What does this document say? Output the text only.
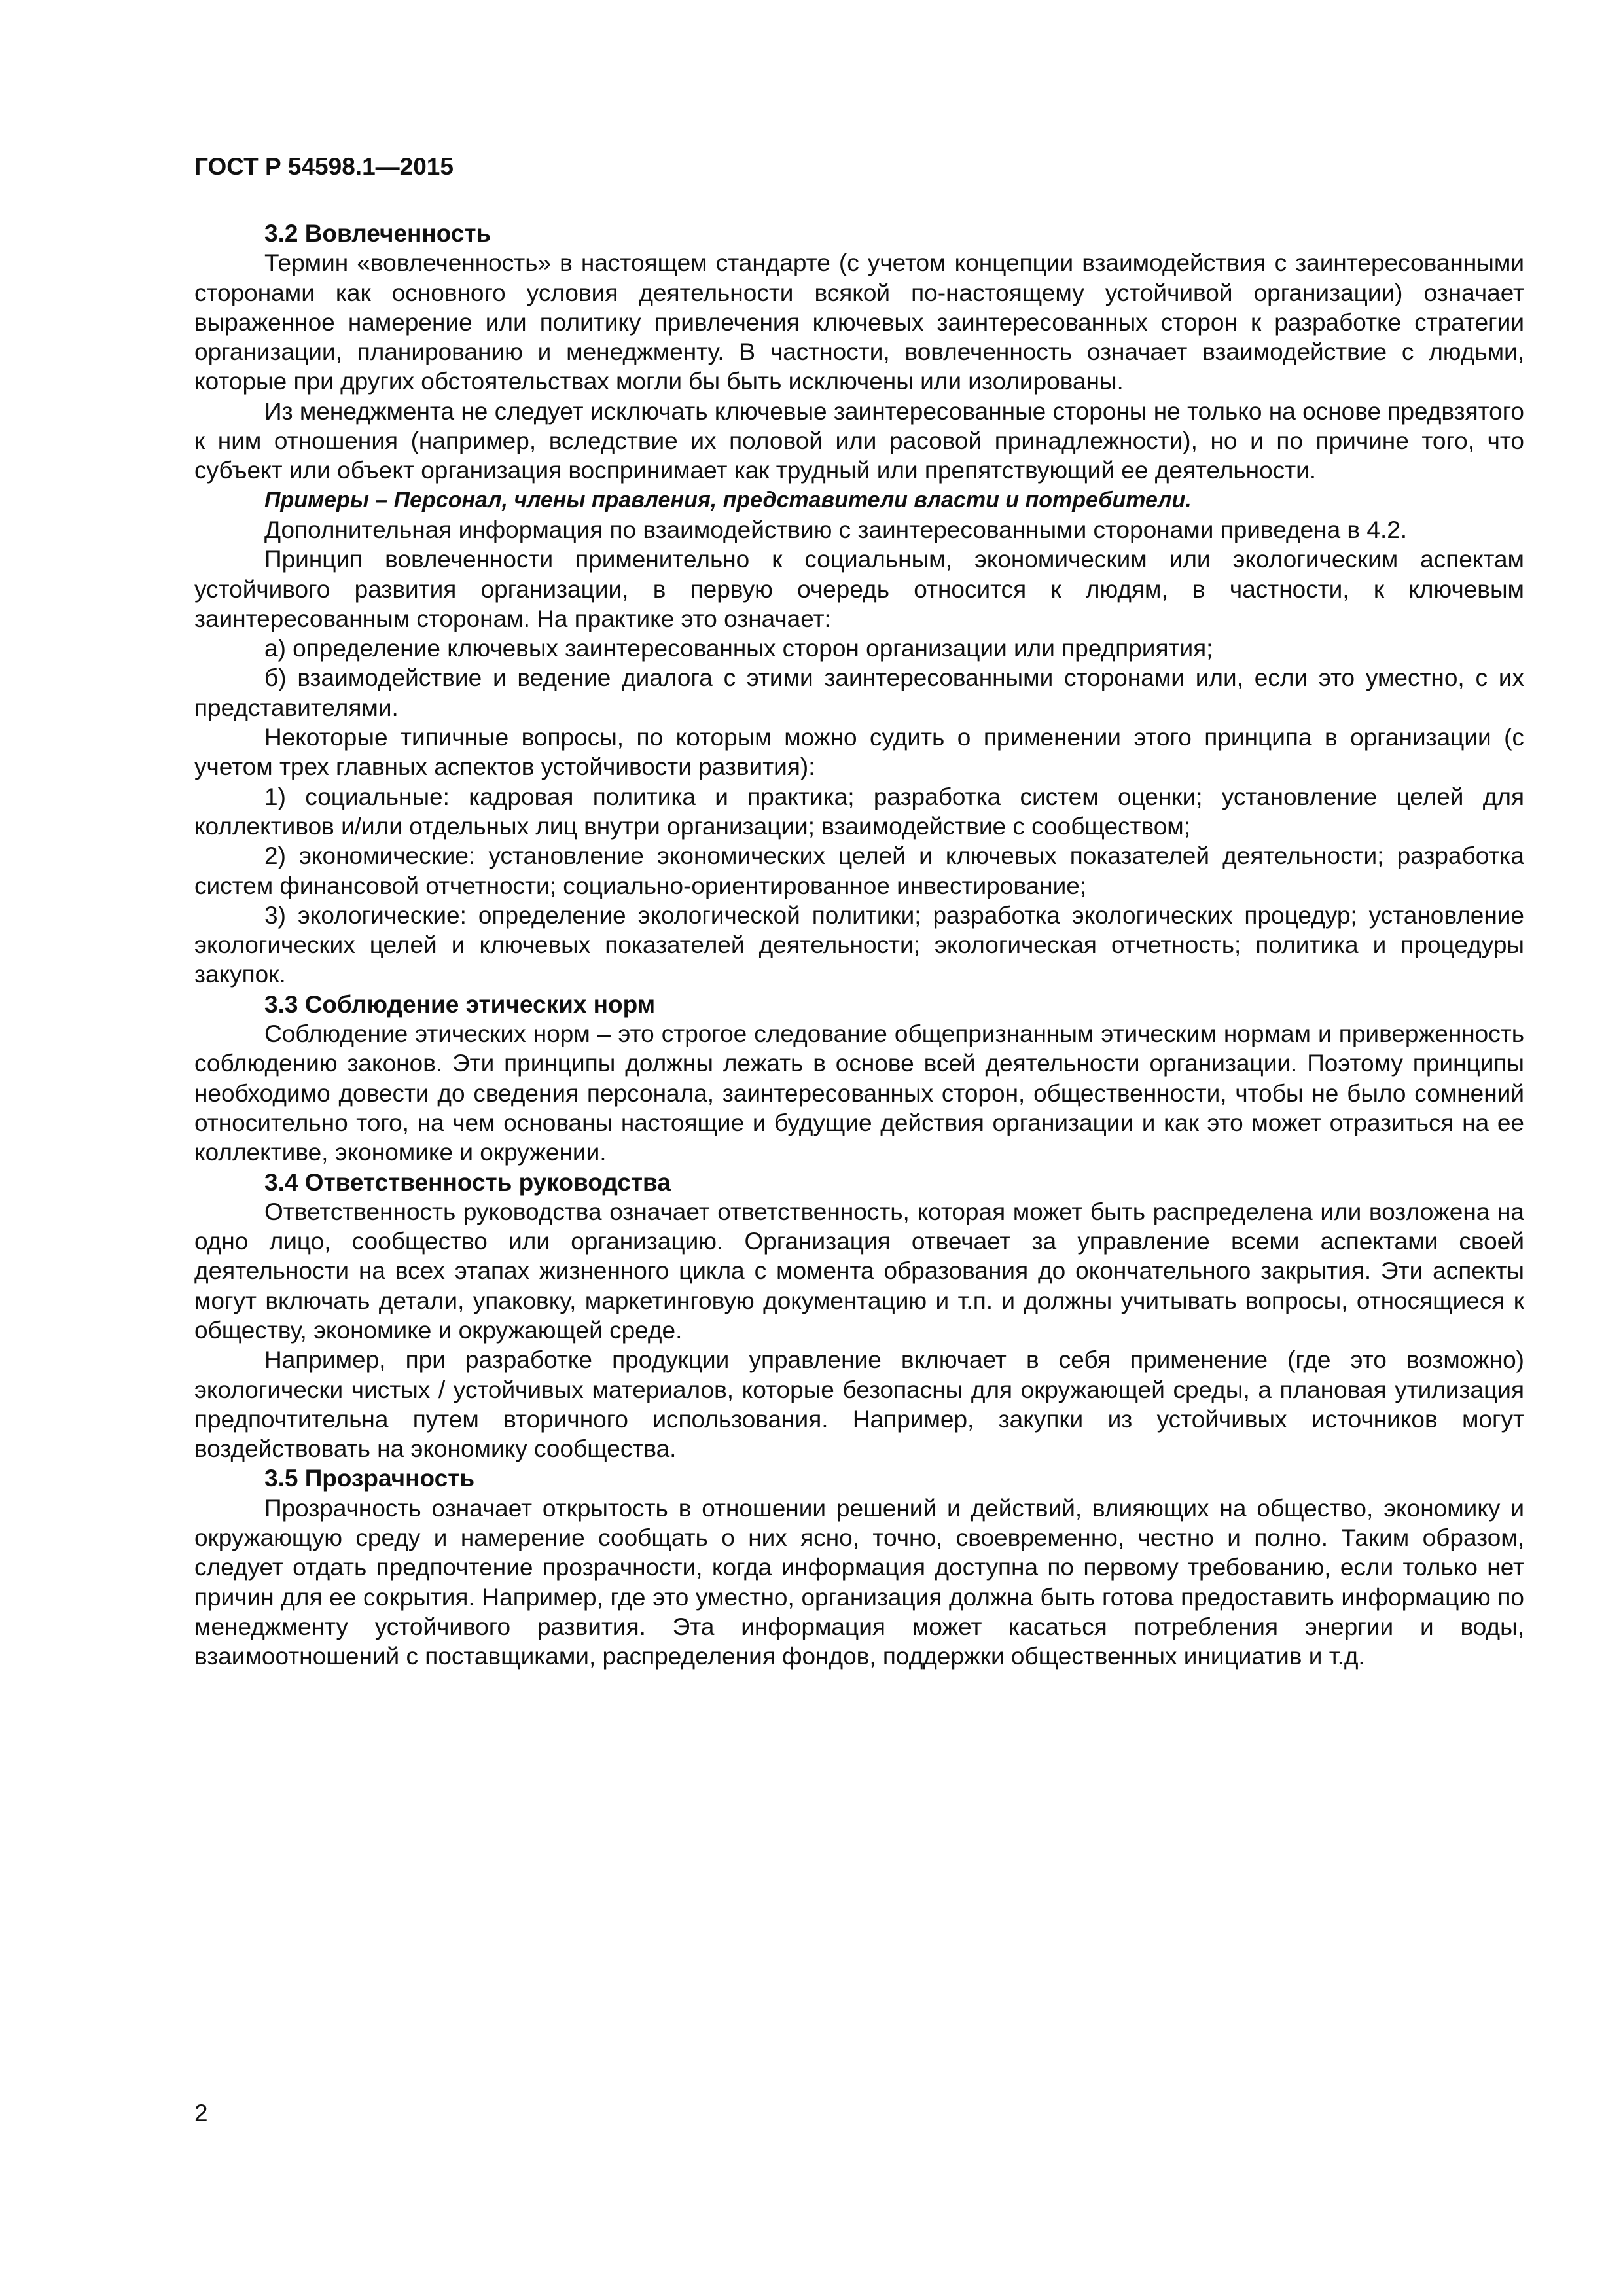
ГОСТ Р 54598.1—2015

3.2 Вовлеченность

Термин «вовлеченность» в настоящем стандарте (с учетом концепции взаимодействия с заинтересованными сторонами как основного условия деятельности всякой по-настоящему устойчивой организации) означает выраженное намерение или политику привлечения ключевых заинтересованных сторон к разработке стратегии организации, планированию и менеджменту. В частности, вовлеченность означает взаимодействие с людьми, которые при других обстоятельствах могли бы быть исключены или изолированы.

Из менеджмента не следует исключать ключевые заинтересованные стороны не только на основе предвзятого к ним отношения (например, вследствие их половой или расовой принадлежности), но и по причине того, что субъект или объект организация воспринимает как трудный или препятствующий ее деятельности.

Примеры – Персонал, члены правления, представители власти и потребители.

Дополнительная информация по взаимодействию с заинтересованными сторонами приведена в 4.2.

Принцип вовлеченности применительно к социальным, экономическим или экологическим аспектам устойчивого развития организации, в первую очередь относится к людям, в частности, к ключевым заинтересованным сторонам. На практике это означает:

а) определение ключевых заинтересованных сторон организации или предприятия;

б) взаимодействие и ведение диалога с этими заинтересованными сторонами или, если это уместно, с их представителями.

Некоторые типичные вопросы, по которым можно судить о применении этого принципа в организации (с учетом трех главных аспектов устойчивости развития):

1) социальные: кадровая политика и практика; разработка систем оценки; установление целей для коллективов и/или отдельных лиц внутри организации; взаимодействие с сообществом;

2) экономические: установление экономических целей и ключевых показателей деятельности; разработка систем финансовой отчетности; социально-ориентированное инвестирование;

3) экологические: определение экологической политики; разработка экологических процедур; установление экологических целей и ключевых показателей деятельности; экологическая отчетность; политика и процедуры закупок.

3.3 Соблюдение этических норм

Соблюдение этических норм – это строгое следование общепризнанным этическим нормам и приверженность соблюдению законов. Эти принципы должны лежать в основе всей деятельности организации. Поэтому принципы необходимо довести до сведения персонала, заинтересованных сторон, общественности, чтобы не было сомнений относительно того, на чем основаны настоящие и будущие действия организации и как это может отразиться на ее коллективе, экономике и окружении.

3.4 Ответственность руководства

Ответственность руководства означает ответственность, которая может быть распределена или возложена на одно лицо, сообщество или организацию. Организация отвечает за управление всеми аспектами своей деятельности на всех этапах жизненного цикла с момента образования до окончательного закрытия. Эти аспекты могут включать детали, упаковку, маркетинговую документацию и т.п. и должны учитывать вопросы, относящиеся к обществу, экономике и окружающей среде.

Например, при разработке продукции управление включает в себя применение (где это возможно) экологически чистых / устойчивых материалов, которые безопасны для окружающей среды, а плановая утилизация предпочтительна путем вторичного использования. Например, закупки из устойчивых источников могут воздействовать на экономику сообщества.

3.5 Прозрачность

Прозрачность означает открытость в отношении решений и действий, влияющих на общество, экономику и окружающую среду и намерение сообщать о них ясно, точно, своевременно, честно и полно. Таким образом, следует отдать предпочтение прозрачности, когда информация доступна по первому требованию, если только нет причин для ее сокрытия. Например, где это уместно, организация должна быть готова предоставить информацию по менеджменту устойчивого развития. Эта информация может касаться потребления энергии и воды, взаимоотношений с поставщиками, распределения фондов, поддержки общественных инициатив и т.д.

2
